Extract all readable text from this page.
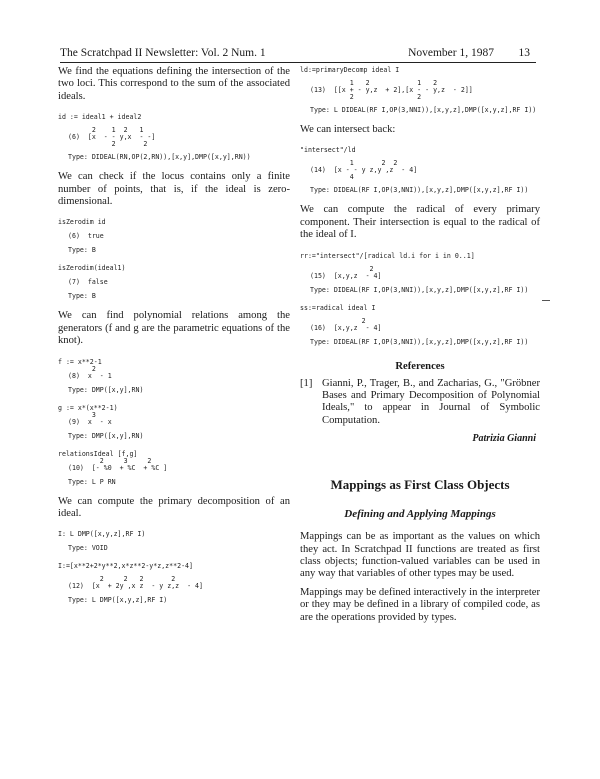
The Scratchpad II Newsletter: Vol. 2 Num. 1	November 1, 1987 13

We find the equations defining the intersection of the two loci. This correspond to the sum of the associated ideals.

id := ideal1 + ideal2
2    1  2   1
(6)  [x  - - y,x  - -]
2       2
Type: DIDEAL(RN,OP(2,RN)),[x,y],DMP([x,y],RN))

We can check if the locus contains only a finite number of points, that is, if the ideal is zero-dimensional.

isZerodim id
(6)  true
Type: B
isZerodim(ideal1)
(7)  false
Type: B

We can find polynomial relations among the generators (f and g are the parametric equations of the knot).

f := x**2-1
2
(8)  x  - 1
Type: DMP([x,y],RN)
g := x*(x**2-1)
3
(9)  x  - x
Type: DMP([x,y],RN)
relationsIdeal [f,g]
2     3     2
(10)  [- %0  + %C  + %C ]
Type: L P RN

We can compute the primary decomposition of an ideal.

I: L DMP([x,y,z],RF I)
Type: VOID
I:=[x**2+2*y**2,x*z**2-y*z,z**2-4]
2     2   2       2
(12)  [x  + 2y ,x z  - y z,z  - 4]
Type: L DMP([x,y,z],RF I)
ld:=primaryDecomp ideal I
1   2            1   2
(13)  [[x + - y,z  + 2],[x - - y,z  - 2]]
2                2
Type: L DIDEAL(RF I,OP(3,NNI)),[x,y,z],DMP([x,y,z],RF I))

We can intersect back:

"intersect"/ld
1       2  2
(14)  [x - - y z,y ,z  - 4]
4
Type: DIDEAL(RF I,OP(3,NNI)),[x,y,z],DMP([x,y,z],RF I))

We can compute the radical of every primary component. Their intersection is equal to the radical of the ideal of I.

rr:="intersect"/[radical ld.i for i in 0..1]
2
(15)  [x,y,z  - 4]
Type: DIDEAL(RF I,OP(3,NNI)),[x,y,z],DMP([x,y,z],RF I))
ss:=radical ideal I
2
(16)  [x,y,z  - 4]
Type: DIDEAL(RF I,OP(3,NNI)),[x,y,z],DMP([x,y,z],RF I))
References
[1] Gianni, P., Trager, B., and Zacharias, G., "Gröbner Bases and Primary Decomposition of Polynomial Ideals," to appear in Journal of Symbolic Computation.
Patrizia Gianni
Mappings as First Class Objects
Defining and Applying Mappings

Mappings can be as important as the values on which they act. In Scratchpad II functions are treated as first class objects; function-valued variables can be used in any way that variables of other types may be used.

Mappings may be defined interactively in the interpreter or they may be defined in a library of compiled code, as are the operations provided by types.
